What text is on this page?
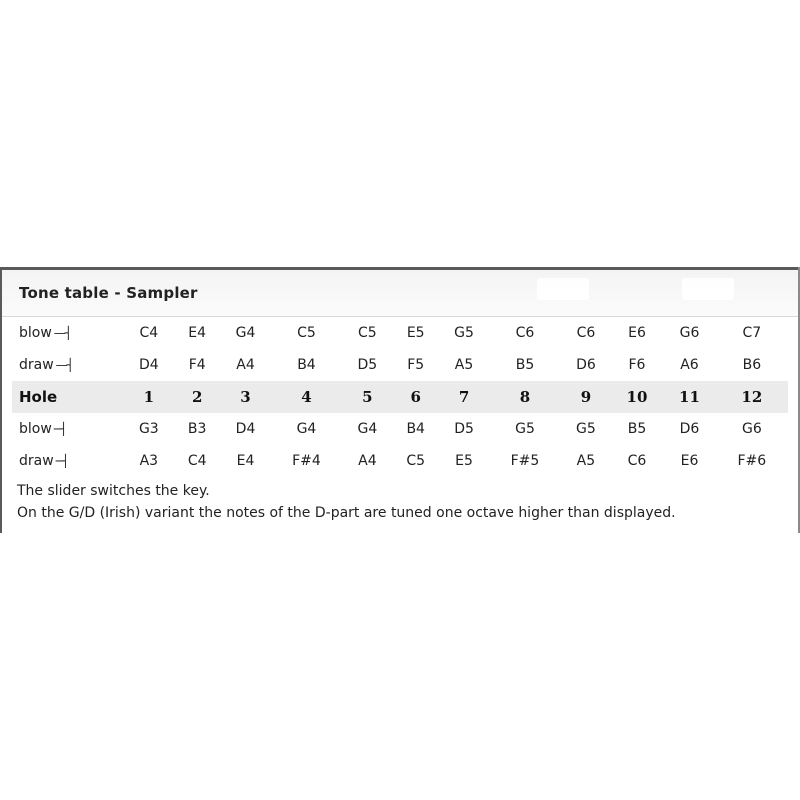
Tone table - Sampler
blow —┤	C4	E4	G4	C5	C5	E5	G5	C6	C6	E6	G6	C7
draw —┤	D4	F4	A4	B4	D5	F5	A5	B5	D6	F6	A6	B6
Hole	1	2	3	4	5	6	7	8	9	10	11	12
blow ─┤	G3	B3	D4	G4	G4	B4	D5	G5	G5	B5	D6	G6
draw ─┤	A3	C4	E4	F#4	A4	C5	E5	F#5	A5	C6	E6	F#6
The slider switches the key.
On the G/D (Irish) variant the notes of the D-part are tuned one octave higher than displayed.
